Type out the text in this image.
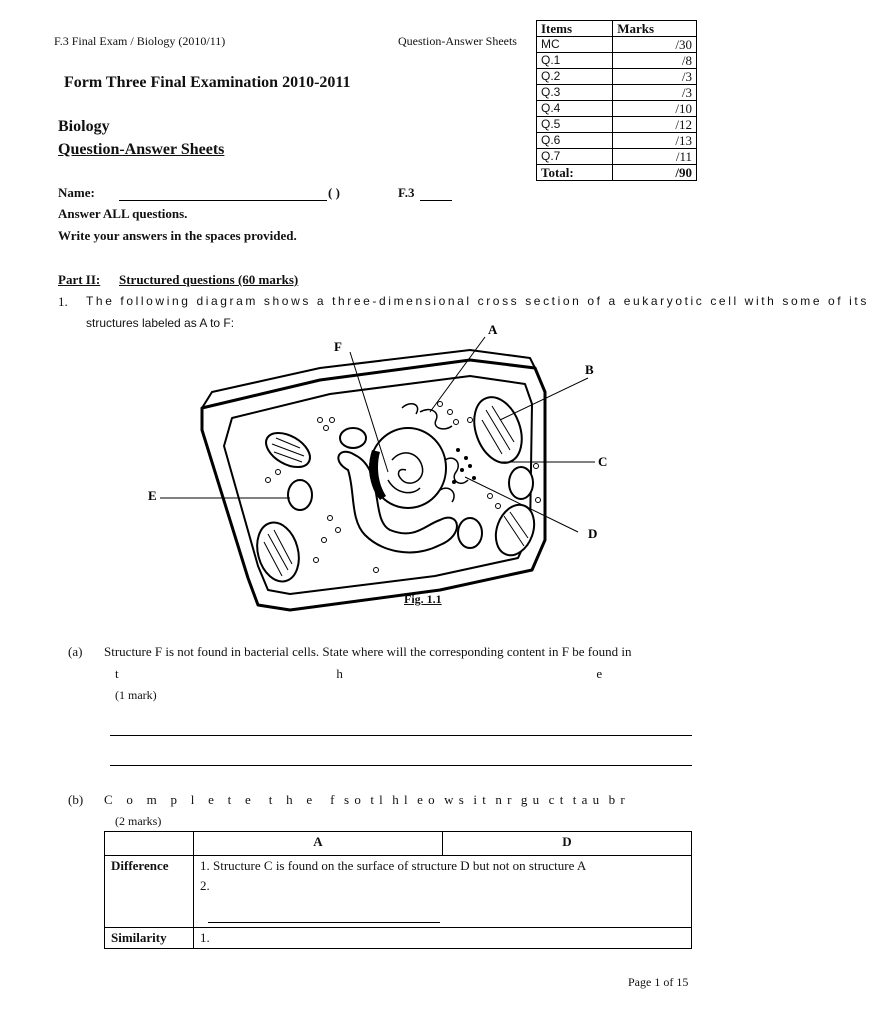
F.3 Final Exam / Biology (2010/11)	Question-Answer Sheets
Items	Marks
MC	/30
Q.1	/8
Q.2	/3
Q.3	/3
Q.4	/10
Q.5	/12
Q.6	/13
Q.7	/11
Total:	/90
Form Three Final Examination 2010-2011
Biology
Question-Answer Sheets
Name:	( )	F.3
Answer ALL questions.
Write your answers in the spaces provided.
Part II: Structured questions (60 marks)
1. The following diagram shows a three-dimensional cross section of a eukaryotic cell with some of its
structures labeled as A to F:	A
B
C
D
E
F
Fig. 1.1
(a) Structure F is not found in bacterial cells. State where will the corresponding content in F be found in
t                                                                   h                                                                              e
(1 mark)
(b) C   o   m   p   l   e   t   e    t   h   e    f  s o  t l  h l  e o  w s  i t  n r  g u  c t  t a u  b r
(2 marks)
	A	D
Difference	1. Structure C is found on the surface of structure D but not on structure A
2.	

Similarity	1.	
Page 1 of 15
